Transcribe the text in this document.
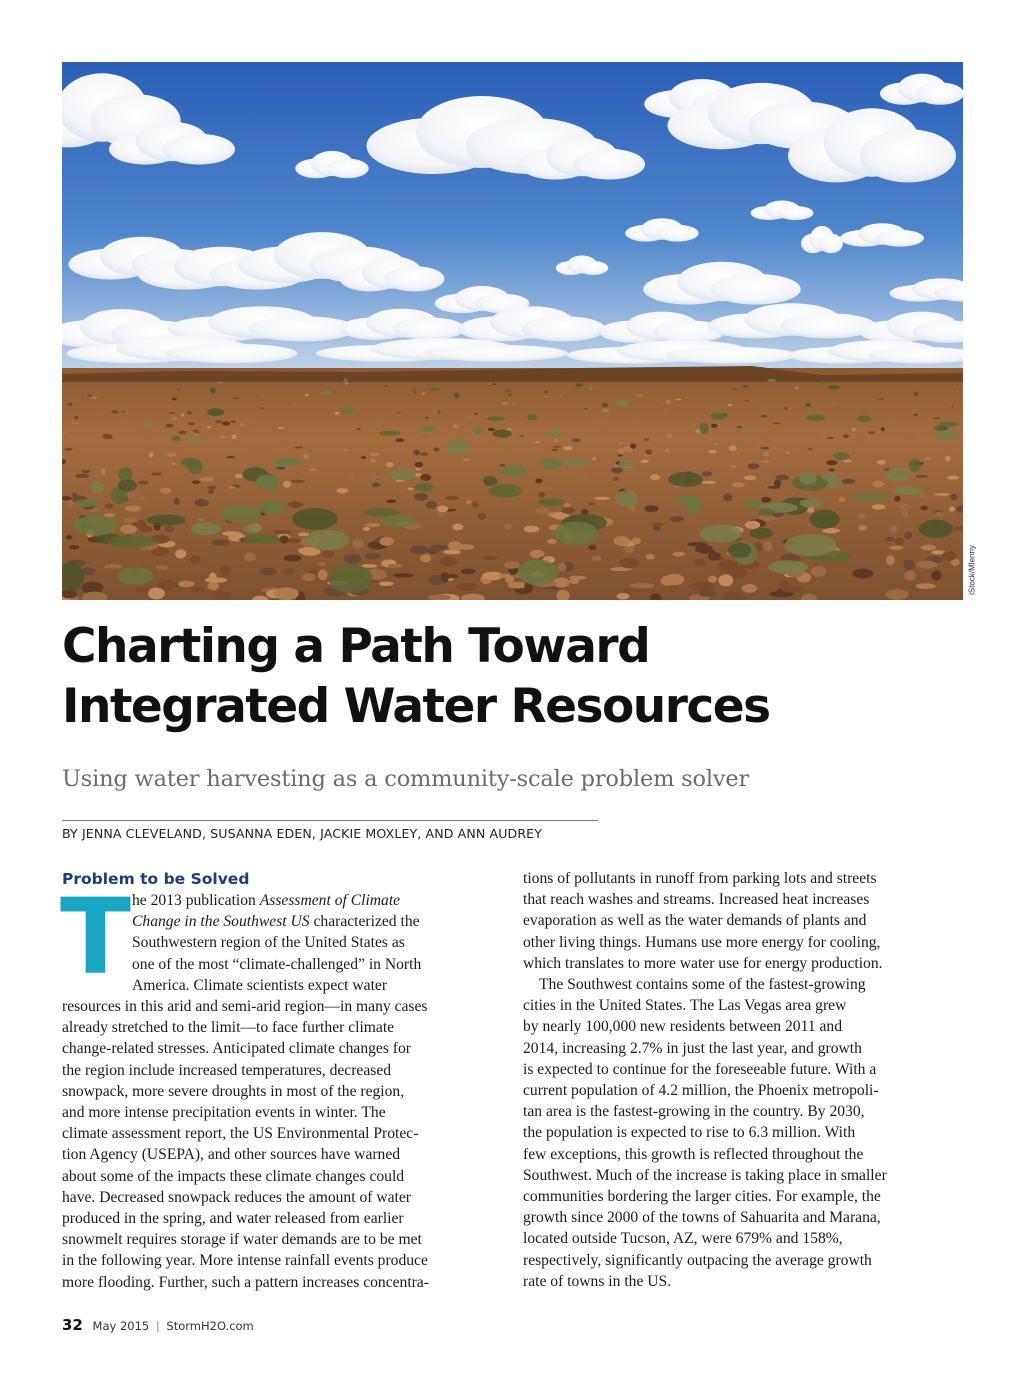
iStock/Mlenny
Charting a Path Toward
Integrated Water Resources
Using water harvesting as a community-scale problem solver
BY JENNA CLEVELAND, SUSANNA EDEN, JACKIE MOXLEY, AND ANN AUDREY
Problem to be Solved
T he 2013 publication Assessment of Climate
Change in the Southwest US characterized the
Southwestern region of the United States as
one of the most “climate-challenged” in North
America. Climate scientists expect water
resources in this arid and semi-arid region—in many cases
already stretched to the limit—to face further climate
change-related stresses. Anticipated climate changes for
the region include increased temperatures, decreased
snowpack, more severe droughts in most of the region,
and more intense precipitation events in winter. The
climate assessment report, the US Environmental Protec-
tion Agency (USEPA), and other sources have warned
about some of the impacts these climate changes could
have. Decreased snowpack reduces the amount of water
produced in the spring, and water released from earlier
snowmelt requires storage if water demands are to be met
in the following year. More intense rainfall events produce
more flooding. Further, such a pattern increases concentra-
tions of pollutants in runoff from parking lots and streets
that reach washes and streams. Increased heat increases
evaporation as well as the water demands of plants and
other living things. Humans use more energy for cooling,
which translates to more water use for energy production.
The Southwest contains some of the fastest-growing
cities in the United States. The Las Vegas area grew
by nearly 100,000 new residents between 2011 and
2014, increasing 2.7% in just the last year, and growth
is expected to continue for the foreseeable future. With a
current population of 4.2 million, the Phoenix metropoli-
tan area is the fastest-growing in the country. By 2030,
the population is expected to rise to 6.3 million. With
few exceptions, this growth is reflected throughout the
Southwest. Much of the increase is taking place in smaller
communities bordering the larger cities. For example, the
growth since 2000 of the towns of Sahuarita and Marana,
located outside Tucson, AZ, were 679% and 158%,
respectively, significantly outpacing the average growth
rate of towns in the US.
32 May 2015 | StormH2O.com
